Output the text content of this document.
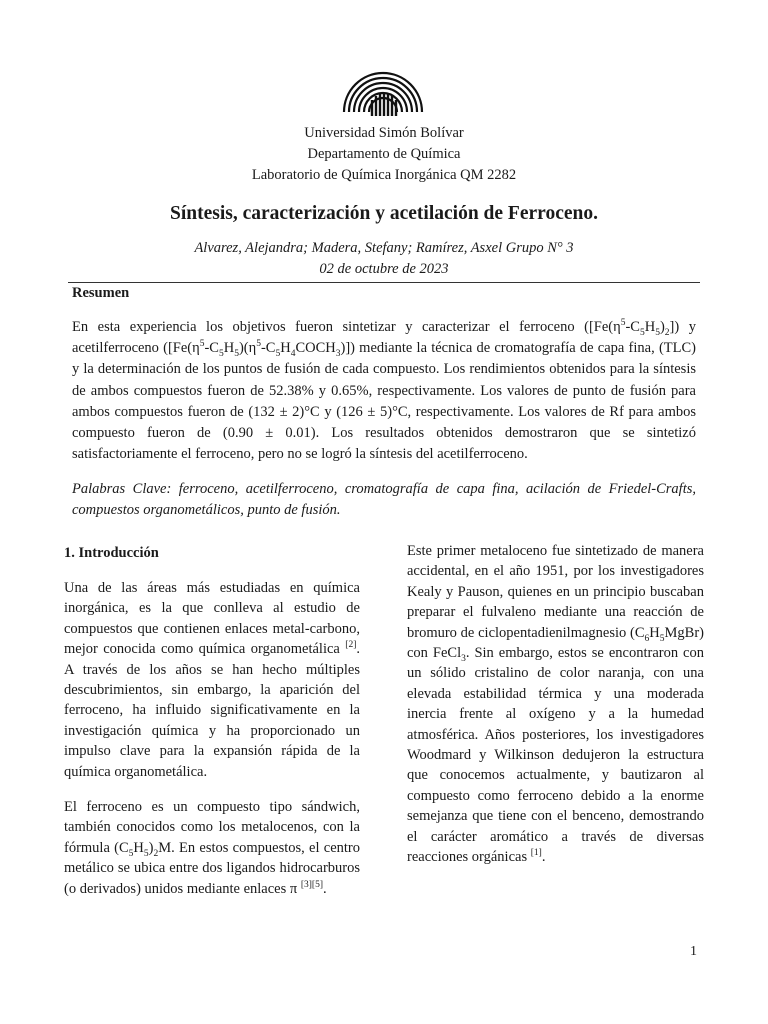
Universidad Simón Bolívar
Departamento de Química
Laboratorio de Química Inorgánica QM 2282
Síntesis, caracterización y acetilación de Ferroceno.
Alvarez, Alejandra; Madera, Stefany; Ramírez, Asxel Grupo N° 3
02 de octubre de 2023
Resumen
En esta experiencia los objetivos fueron sintetizar y caracterizar el ferroceno $([Fe(\eta^5-C_5H_5)_2])$ y acetilferroceno $([Fe(\eta^5-C_5H_5)(\eta^5-C_5H_4COCH_3)])$ mediante la técnica de cromatografía de capa fina, (TLC) y la determinación de los puntos de fusión de cada compuesto. Los rendimientos obtenidos para la síntesis de ambos compuestos fueron de 52.38% y 0.65%, respectivamente. Los valores de punto de fusión para ambos compuestos fueron de (132 ± 2)°C y (126 ± 5)°C, respectivamente. Los valores de Rf para ambos compuesto fueron de (0.90 ± 0.01). Los resultados obtenidos demostraron que se sintetizó satisfactoriamente el ferroceno, pero no se logró la síntesis del acetilferroceno.
Palabras Clave: ferroceno, acetilferroceno, cromatografía de capa fina, acilación de Friedel-Crafts, compuestos organometálicos, punto de fusión.
1. Introducción

Una de las áreas más estudiadas en química inorgánica, es la que conlleva al estudio de compuestos que contienen enlaces metal-carbono, mejor conocida como química organometálica [2]. A través de los años se han hecho múltiples descubrimientos, sin embargo, la aparición del ferroceno, ha influido significativamente en la investigación química y ha proporcionado un impulso clave para la expansión rápida de la química organometálica.

El ferroceno es un compuesto tipo sándwich, también conocidos como los metalocenos, con la fórmula $(C_5H_5)_2M$. En estos compuestos, el centro metálico se ubica entre dos ligandos hidrocarburos (o derivados) unidos mediante enlaces π [3][5].

Este primer metaloceno fue sintetizado de manera accidental, en el año 1951, por los investigadores Kealy y Pauson, quienes en un principio buscaban preparar el fulvaleno mediante una reacción de bromuro de ciclopentadienilmagnesio $(C_6H_5MgBr)$ con FeCl$_3$. Sin embargo, estos se encontraron con un sólido cristalino de color naranja, con una elevada estabilidad térmica y una moderada inercia frente al oxígeno y a la humedad atmosférica. Años posteriores, los investigadores Woodmard y Wilkinson dedujeron la estructura que conocemos actualmente, y bautizaron al compuesto como ferroceno debido a la enorme semejanza que tiene con el benceno, demostrando el carácter aromático a través de diversas reacciones orgánicas [1].

1
